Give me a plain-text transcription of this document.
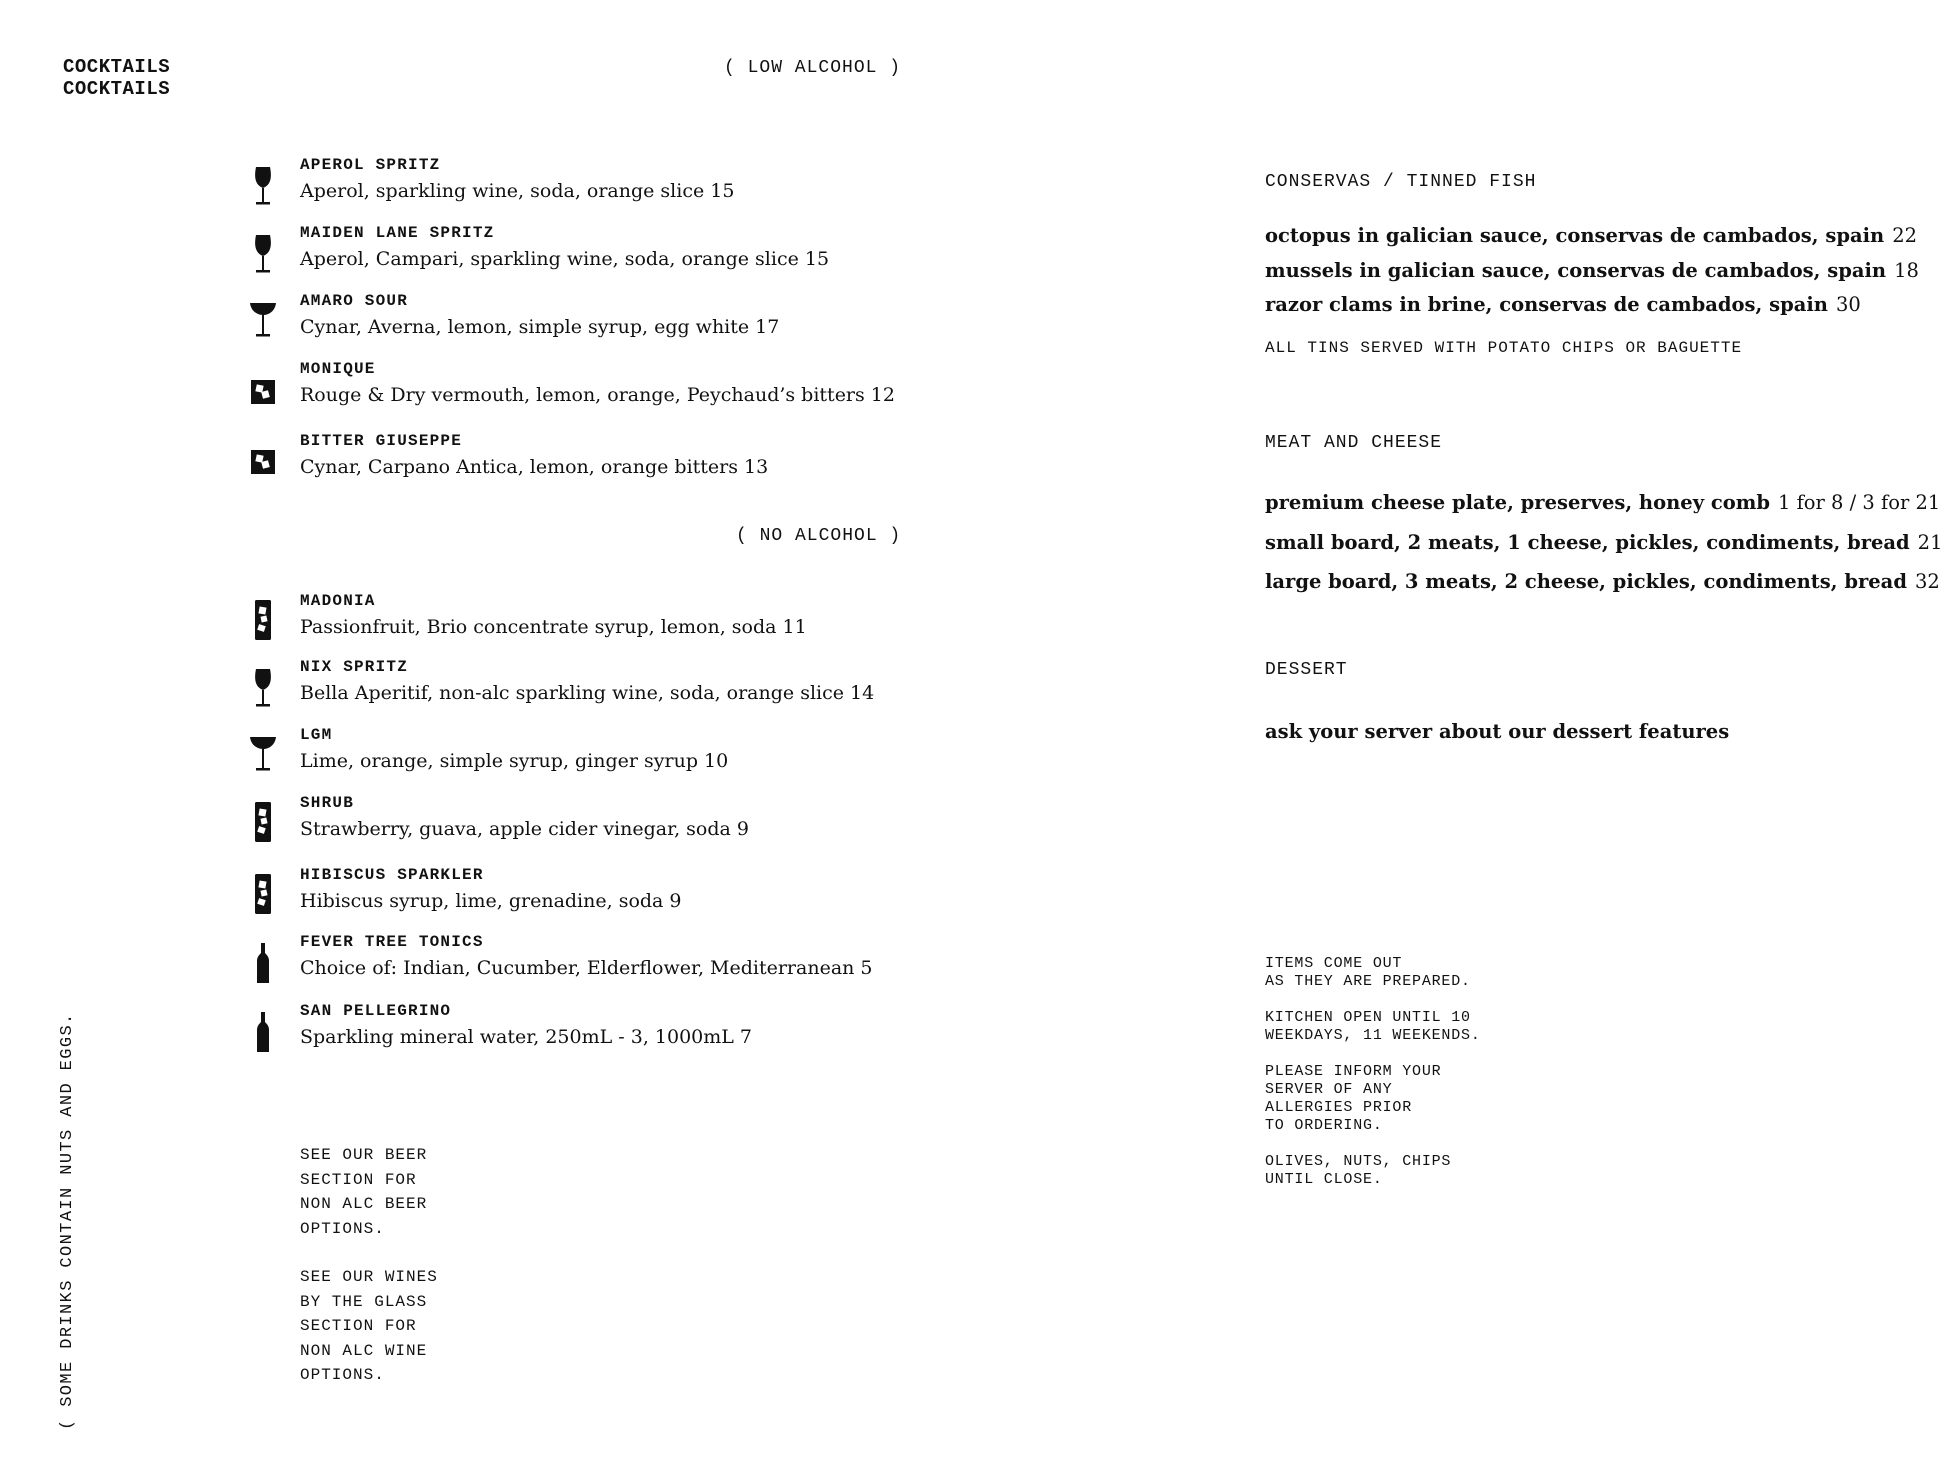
COCKTAILS
COCKTAILS
( LOW ALCOHOL )
APEROL SPRITZ
Aperol, sparkling wine, soda, orange slice 15
MAIDEN LANE SPRITZ
Aperol, Campari, sparkling wine, soda, orange slice 15
AMARO SOUR
Cynar, Averna, lemon, simple syrup, egg white 17
MONIQUE
Rouge & Dry vermouth, lemon, orange, Peychaud’s bitters 12
BITTER GIUSEPPE
Cynar, Carpano Antica, lemon, orange bitters 13
( NO ALCOHOL )
MADONIA
Passionfruit, Brio concentrate syrup, lemon, soda 11
NIX SPRITZ
Bella Aperitif, non-alc sparkling wine, soda, orange slice 14
LGM
Lime, orange, simple syrup, ginger syrup 10
SHRUB
Strawberry, guava, apple cider vinegar, soda 9
HIBISCUS SPARKLER
Hibiscus syrup, lime, grenadine, soda 9
FEVER TREE TONICS
Choice of: Indian, Cucumber, Elderflower, Mediterranean 5
SAN PELLEGRINO
Sparkling mineral water, 250mL - 3, 1000mL 7
SEE OUR BEER
SECTION FOR
NON ALC BEER
OPTIONS.
SEE OUR WINES
BY THE GLASS
SECTION FOR
NON ALC WINE
OPTIONS.
( SOME DRINKS CONTAIN NUTS AND EGGS.
CONSERVAS / TINNED FISH
octopus in galician sauce, conservas de cambados, spain 22
mussels in galician sauce, conservas de cambados, spain 18
razor clams in brine, conservas de cambados, spain 30
ALL TINS SERVED WITH POTATO CHIPS OR BAGUETTE
MEAT AND CHEESE
premium cheese plate, preserves, honey comb 1 for 8 / 3 for 21
small board, 2 meats, 1 cheese, pickles, condiments, bread 21
large board, 3 meats, 2 cheese, pickles, condiments, bread 32
DESSERT
ask your server about our dessert features

ITEMS COME OUT
AS THEY ARE PREPARED.

KITCHEN OPEN UNTIL 10
WEEKDAYS, 11 WEEKENDS.

PLEASE INFORM YOUR
SERVER OF ANY
ALLERGIES PRIOR
TO ORDERING.

OLIVES, NUTS, CHIPS
UNTIL CLOSE.
